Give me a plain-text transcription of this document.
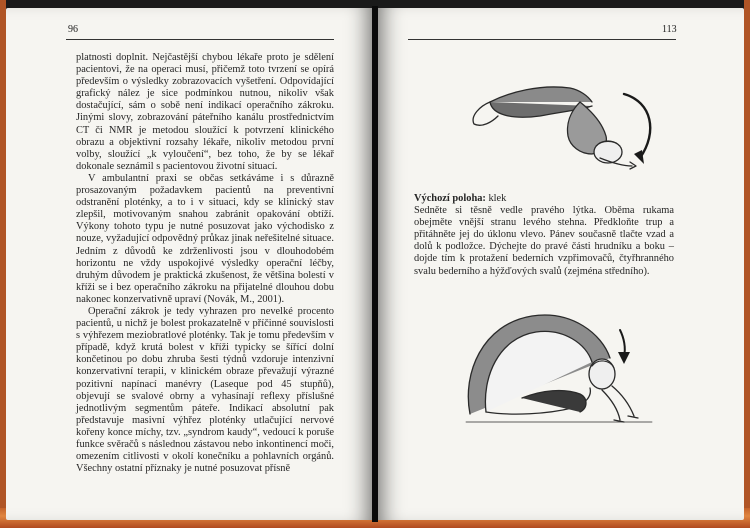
96	113

platnosti doplnit. Nejčastější chybou lékaře proto je sdělení pacientovi, že na operaci musí, přičemž toto tvrzení se opírá především o výsledky zobrazovacích vyšetření. Odpovídající grafický nález je sice podmínkou nutnou, nikoliv však dostačující, sám o sobě není indikací operačního zákroku. Jinými slovy, zobrazování páteřního kanálu prostřednictvím CT či NMR je metodou sloužící k potvrzení klinického obrazu a objektivní rozsahy lékaře, nikoliv metodou první volby, sloužící „k vyloučení“, bez toho, že by se lékař dokonale seznámil s pacientovou životní situací.

V ambulantní praxi se občas setkáváme i s důrazně prosazovaným požadavkem pacientů na preventivní odstranění ploténky, a to i v situaci, kdy se klinický stav zlepšil, motivovaným snahou zabránit opakování obtíží. Výkony tohoto typu je nutné posuzovat jako východisko z nouze, vyžadující odpovědný průkaz jinak neřešitelné situace. Jedním z důvodů ke zdrženlivosti jsou v dlouhodobém horizontu ne vždy uspokojivé výsledky operační léčby, druhým důvodem je praktická zkušenost, že většina bolestí v kříži se i bez operačního zákroku na přijatelné dlouhou dobu nakonec konzervativně upraví (Novák, M., 2001).

Operační zákrok je tedy vyhrazen pro nevelké procento pacientů, u nichž je bolest prokazatelně v příčinné souvislosti s výhřezem meziobratlové ploténky. Tak je tomu především v případě, když krutá bolest v kříži typicky se šířící dolní končetinou po dobu zhruba šesti týdnů vzdoruje intenzivní konzervativní terapii, v klinickém obraze převažují výrazné pozitivní napínací manévry (Laseque pod 45 stupňů), objevují se svalové obrny a vyhasínají reflexy příslušné jednotlivým segmentům páteře. Indikací absolutní pak představuje masivní výhřez ploténky utlačující nervové kořeny konce míchy, tzv. „syndrom kaudy“, vedoucí k poruše funkce svěračů s následnou zástavou nebo inkontinencí moči, omezením citlivosti v okolí konečníku a pohlavních orgánů. Všechny ostatní příznaky je nutné posuzovat přísně

Výchozí poloha: klek

Sedněte si těsně vedle pravého lýtka. Oběma rukama obejměte vnější stranu levého stehna. Předkloňte trup a přitáhněte jej do úklonu vlevo. Pánev současně tlačte vzad a dolů k podložce. Dýchejte do pravé části hrudníku a boku – dojde tím k protažení bederních vzpřimovačů, čtyřhranného svalu bederního a hýžďových svalů (zejména středního).
